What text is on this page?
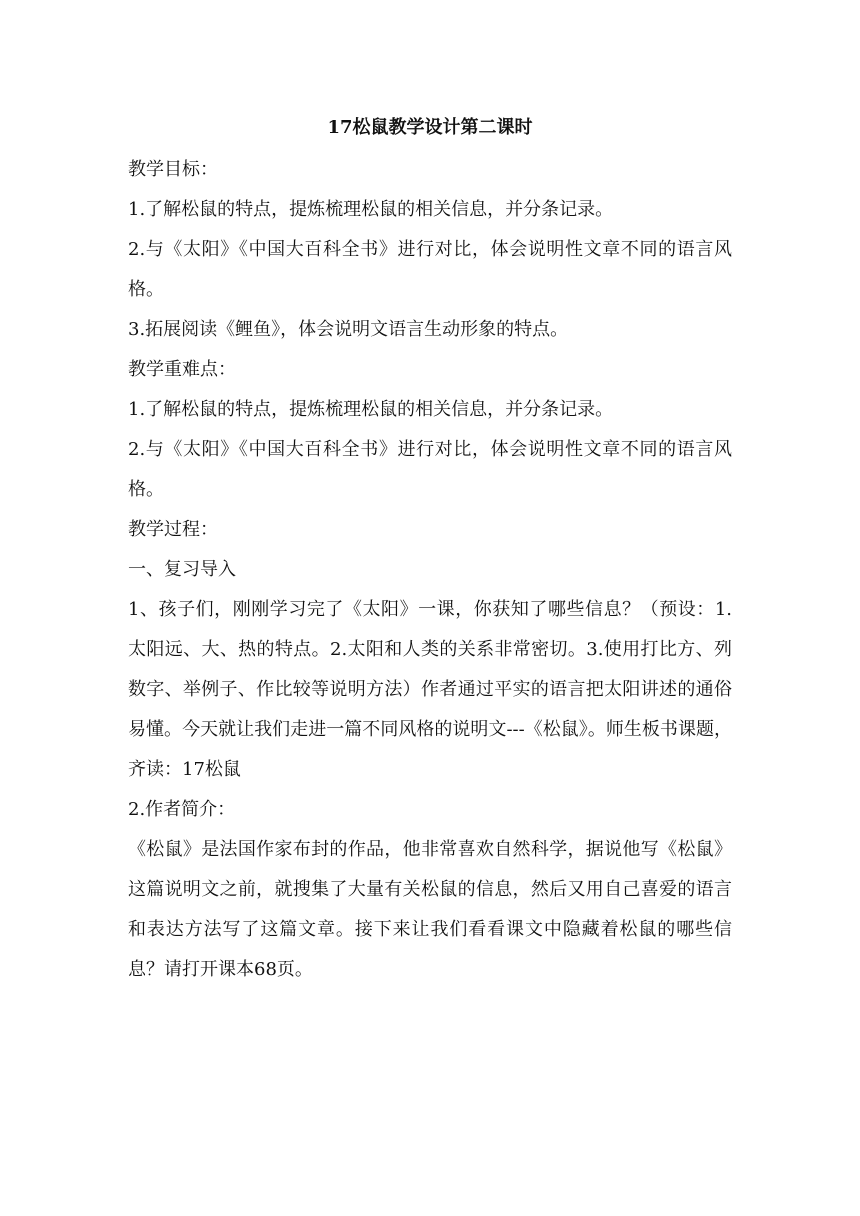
17松鼠教学设计第二课时

教学目标：

1.了解松鼠的特点，提炼梳理松鼠的相关信息，并分条记录。

2.与《太阳》《中国大百科全书》进行对比，体会说明性文章不同的语言风格。

3.拓展阅读《鲤鱼》，体会说明文语言生动形象的特点。

教学重难点：

1.了解松鼠的特点，提炼梳理松鼠的相关信息，并分条记录。

2.与《太阳》《中国大百科全书》进行对比，体会说明性文章不同的语言风格。

教学过程：

一、复习导入

1、孩子们，刚刚学习完了《太阳》一课，你获知了哪些信息？（预设：1.太阳远、大、热的特点。2.太阳和人类的关系非常密切。3.使用打比方、列数字、举例子、作比较等说明方法）作者通过平实的语言把太阳讲述的通俗易懂。今天就让我们走进一篇不同风格的说明文---《松鼠》。师生板书课题，齐读：17松鼠

2.作者简介：

《松鼠》是法国作家布封的作品，他非常喜欢自然科学，据说他写《松鼠》这篇说明文之前，就搜集了大量有关松鼠的信息，然后又用自己喜爱的语言和表达方法写了这篇文章。接下来让我们看看课文中隐藏着松鼠的哪些信息？请打开课本68页。
